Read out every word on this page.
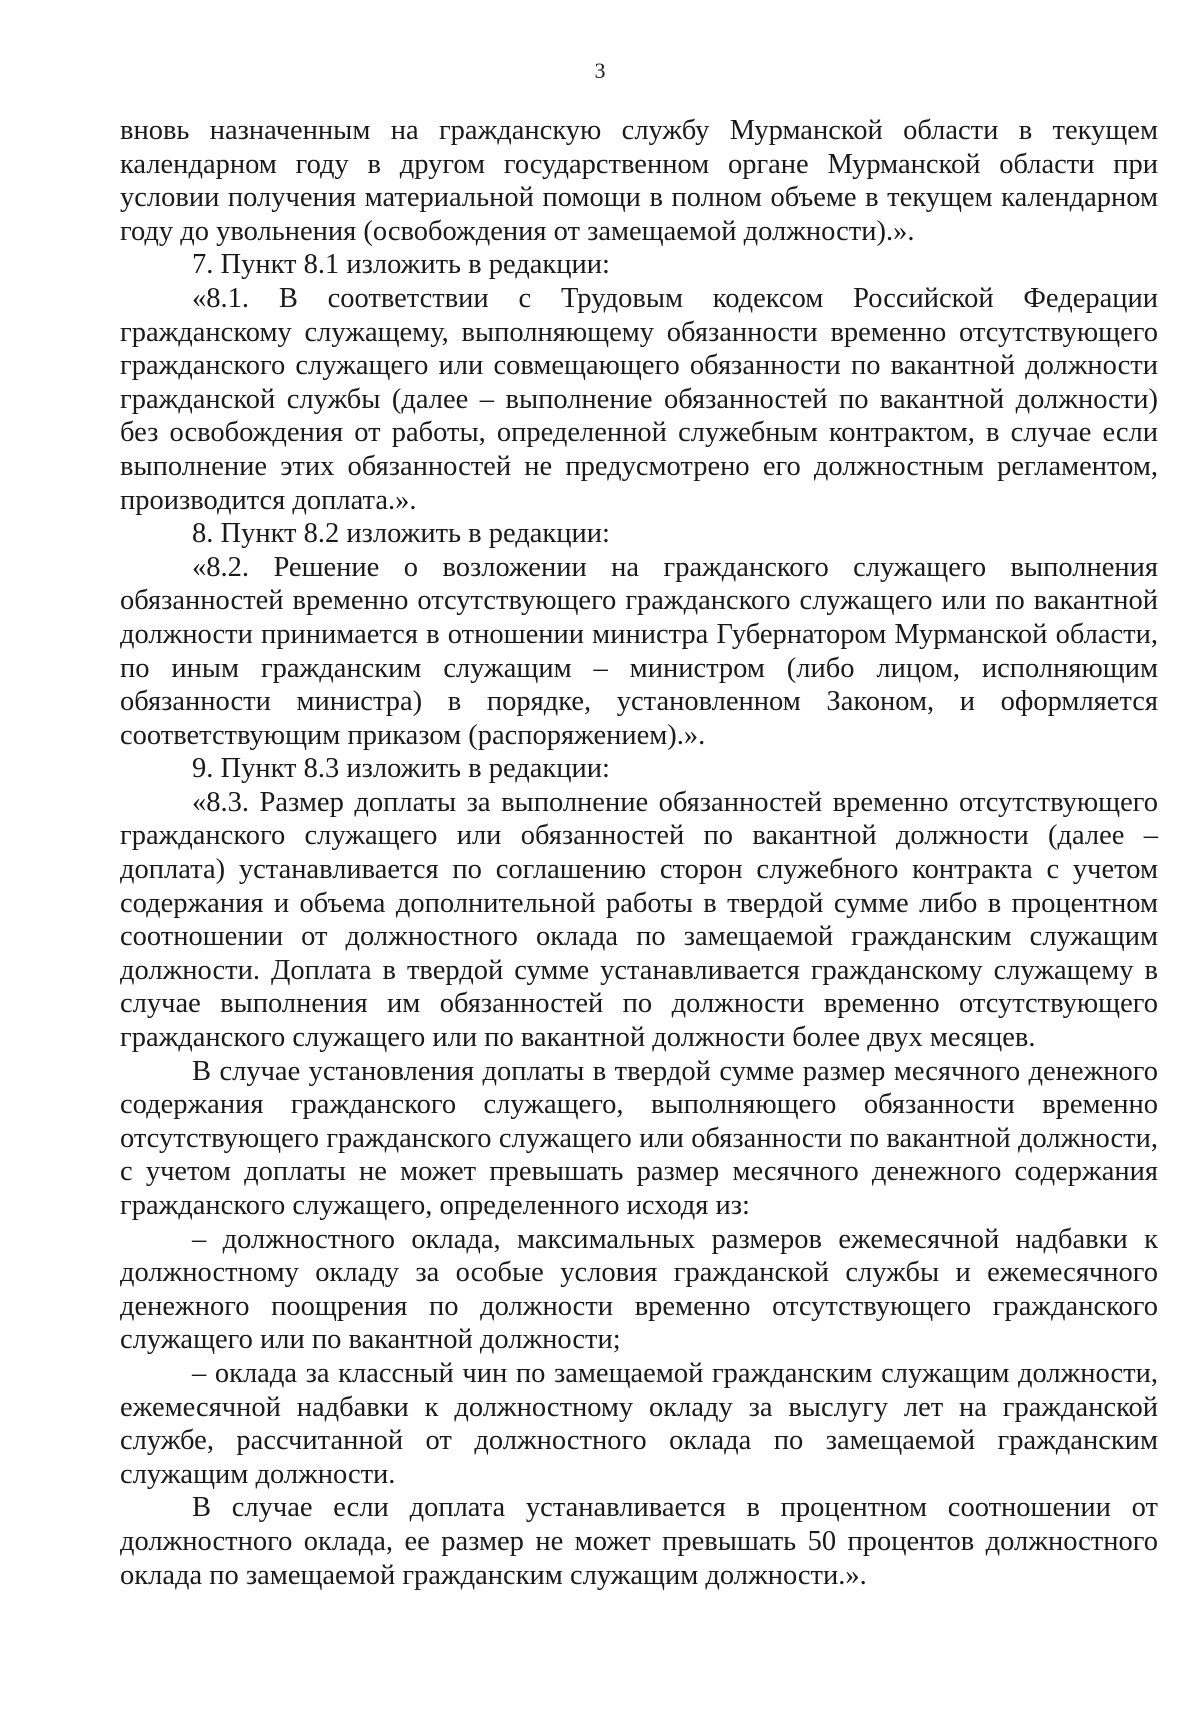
3

вновь назначенным на гражданскую службу Мурманской области в текущем календарном году в другом государственном органе Мурманской области при условии получения материальной помощи в полном объеме в текущем календарном году до увольнения (освобождения от замещаемой должности).».

7. Пункт 8.1 изложить в редакции:

«8.1. В соответствии с Трудовым кодексом Российской Федерации гражданскому служащему, выполняющему обязанности временно отсутствующего гражданского служащего или совмещающего обязанности по вакантной должности гражданской службы (далее – выполнение обязанностей по вакантной должности) без освобождения от работы, определенной служебным контрактом, в случае если выполнение этих обязанностей не предусмотрено его должностным регламентом, производится доплата.».

8. Пункт 8.2 изложить в редакции:

«8.2. Решение о возложении на гражданского служащего выполнения обязанностей временно отсутствующего гражданского служащего или по вакантной должности принимается в отношении министра Губернатором Мурманской области, по иным гражданским служащим – министром (либо лицом, исполняющим обязанности министра) в порядке, установленном Законом, и оформляется соответствующим приказом (распоряжением).».

9. Пункт 8.3 изложить в редакции:

«8.3. Размер доплаты за выполнение обязанностей временно отсутствующего гражданского служащего или обязанностей по вакантной должности (далее – доплата) устанавливается по соглашению сторон служебного контракта с учетом содержания и объема дополнительной работы в твердой сумме либо в процентном соотношении от должностного оклада по замещаемой гражданским служащим должности. Доплата в твердой сумме устанавливается гражданскому служащему в случае выполнения им обязанностей по должности временно отсутствующего гражданского служащего или по вакантной должности более двух месяцев.

В случае установления доплаты в твердой сумме размер месячного денежного содержания гражданского служащего, выполняющего обязанности временно отсутствующего гражданского служащего или обязанности по вакантной должности, с учетом доплаты не может превышать размер месячного денежного содержания гражданского служащего, определенного исходя из:

– должностного оклада, максимальных размеров ежемесячной надбавки к должностному окладу за особые условия гражданской службы и ежемесячного денежного поощрения по должности временно отсутствующего гражданского служащего или по вакантной должности;

– оклада за классный чин по замещаемой гражданским служащим должности, ежемесячной надбавки к должностному окладу за выслугу лет на гражданской службе, рассчитанной от должностного оклада по замещаемой гражданским служащим должности.

В случае если доплата устанавливается в процентном соотношении от должностного оклада, ее размер не может превышать 50 процентов должностного оклада по замещаемой гражданским служащим должности.».
